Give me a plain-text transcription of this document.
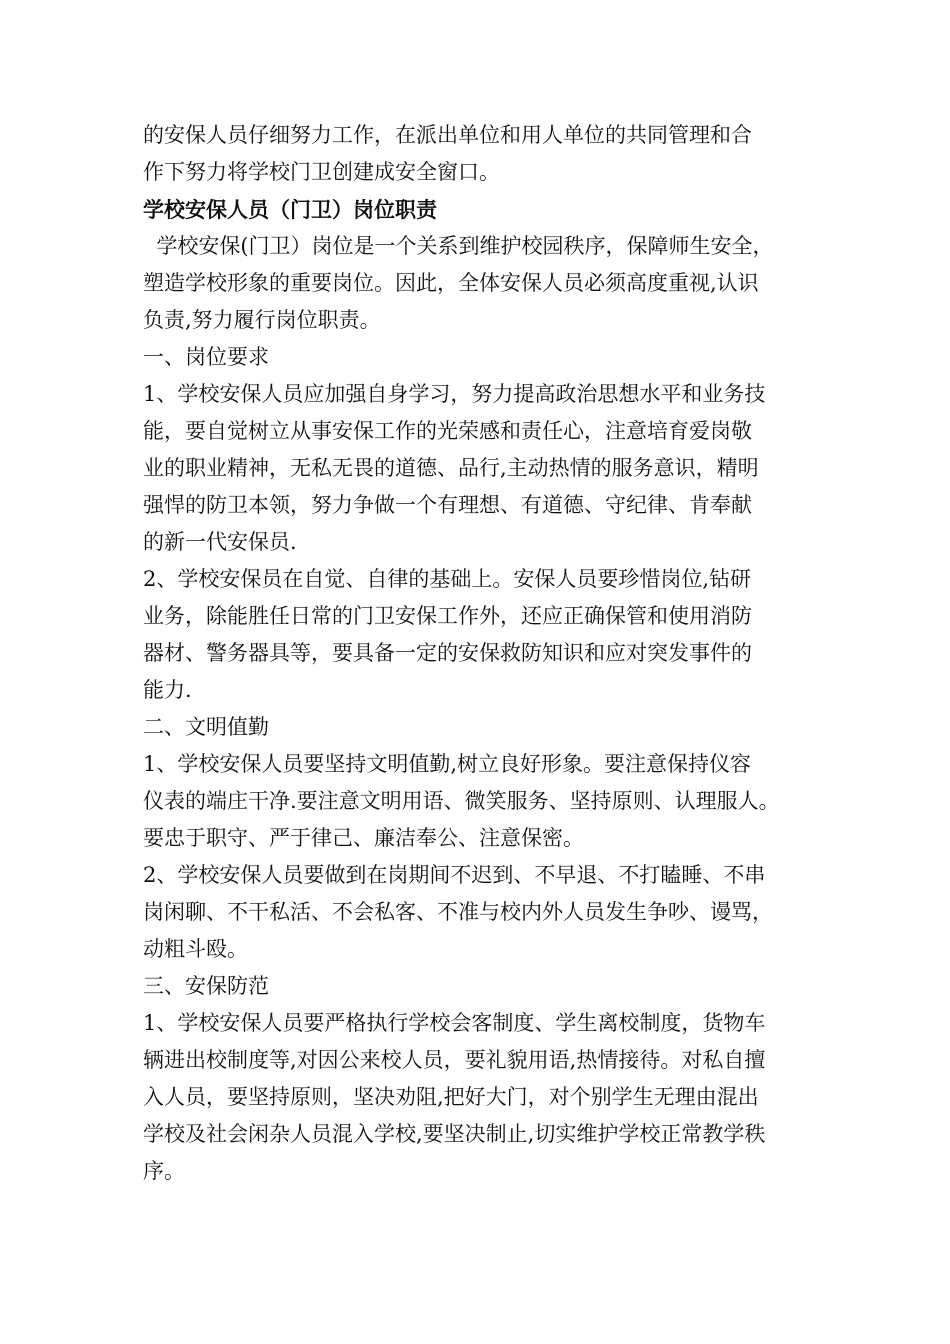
的安保人员仔细努力工作，在派出单位和用人单位的共同管理和合
作下努力将学校门卫创建成安全窗口。
学校安保人员（门卫）岗位职责
学校安保(门卫）岗位是一个关系到维护校园秩序，保障师生安全，
塑造学校形象的重要岗位。因此，全体安保人员必须高度重视,认识
负责,努力履行岗位职责。
一、岗位要求
1、学校安保人员应加强自身学习，努力提高政治思想水平和业务技
能，要自觉树立从事安保工作的光荣感和责任心，注意培育爱岗敬
业的职业精神，无私无畏的道德、品行,主动热情的服务意识，精明
强悍的防卫本领，努力争做一个有理想、有道德、守纪律、肯奉献
的新一代安保员.
2、学校安保员在自觉、自律的基础上。安保人员要珍惜岗位,钻研
业务，除能胜任日常的门卫安保工作外，还应正确保管和使用消防
器材、警务器具等，要具备一定的安保救防知识和应对突发事件的
能力.
二、文明值勤
1、学校安保人员要坚持文明值勤,树立良好形象。要注意保持仪容
仪表的端庄干净.要注意文明用语、微笑服务、坚持原则、认理服人。
要忠于职守、严于律己、廉洁奉公、注意保密。
2、学校安保人员要做到在岗期间不迟到、不早退、不打瞌睡、不串
岗闲聊、不干私活、不会私客、不准与校内外人员发生争吵、谩骂，
动粗斗殴。
三、安保防范
1、学校安保人员要严格执行学校会客制度、学生离校制度，货物车
辆进出校制度等,对因公来校人员，要礼貌用语,热情接待。对私自擅
入人员，要坚持原则，坚决劝阻,把好大门，对个别学生无理由混出
学校及社会闲杂人员混入学校,要坚决制止,切实维护学校正常教学秩
序。
